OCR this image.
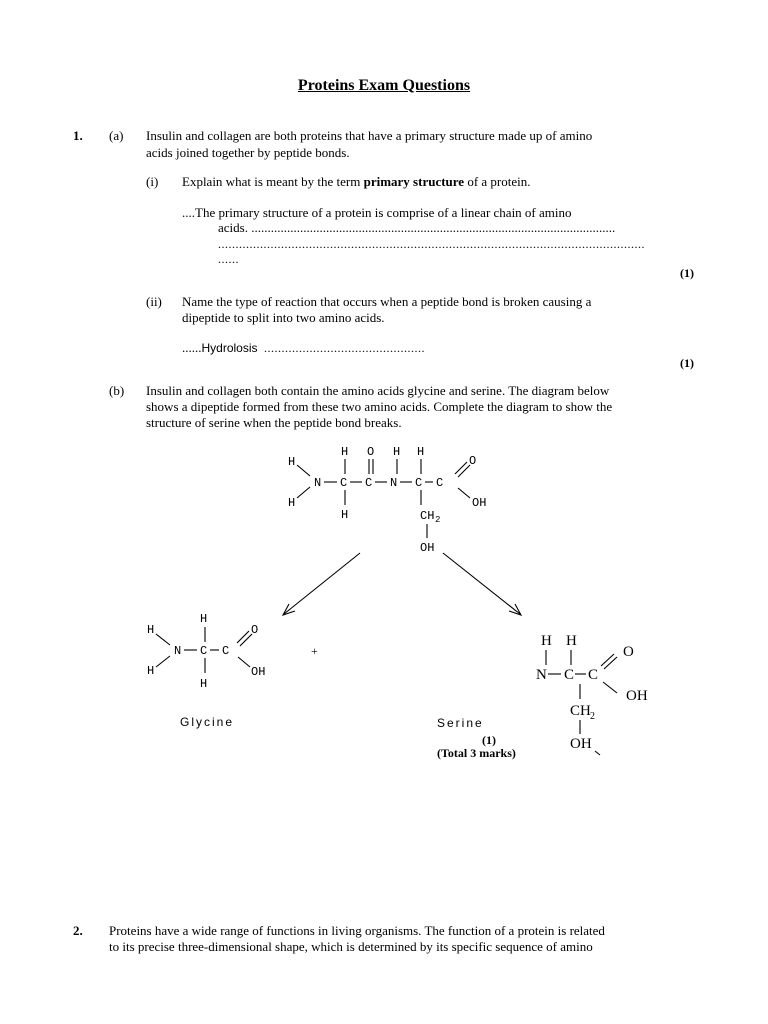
Proteins Exam Questions
1. (a) Insulin and collagen are both proteins that have a primary structure made up of amino
acids joined together by peptide bonds.
(i) Explain what is meant by the term primary structure of a protein.
....The primary structure of a protein is comprise of a linear chain of amino
acids. ................................................................................................................
..........................................................................................................................
......
(1)
(ii) Name the type of reaction that occurs when a peptide bond is broken causing a
dipeptide to split into two amino acids.
......Hydrolosis ..............................................
(1)
(b) Insulin and collagen both contain the amino acids glycine and serine. The diagram below
shows a dipeptide formed from these two amino acids. Complete the diagram to show the
structure of serine when the peptide bond breaks.
H O H H
H
H
N C C N C C
H	CH 2
OH
O
OH
H
H
H
N C C
H
O
OH
Glycine
+
H H
N C C
O
OH
CH 2
OH
Serine
(1)
(Total 3 marks)
2. Proteins have a wide range of functions in living organisms. The function of a protein is related
to its precise three-dimensional shape, which is determined by its specific sequence of amino
